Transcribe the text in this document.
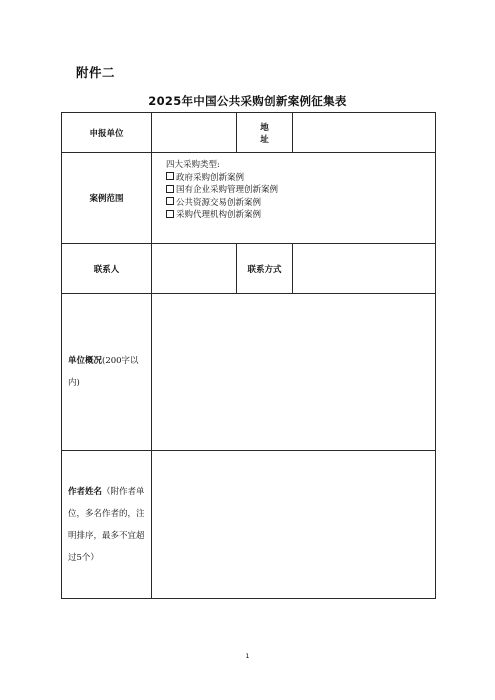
附件二
2025年中国公共采购创新案例征集表
申报单位		地 址	
案例范围	四大采购类型:
政府采购创新案例
国有企业采购管理创新案例
公共资源交易创新案例
采购代理机构创新案例		

联系人		联系方式	
单位概况(200字以内)			
作者姓名（附作者单位，多名作者的，注明排序，最多不宜超过5个）			
1
